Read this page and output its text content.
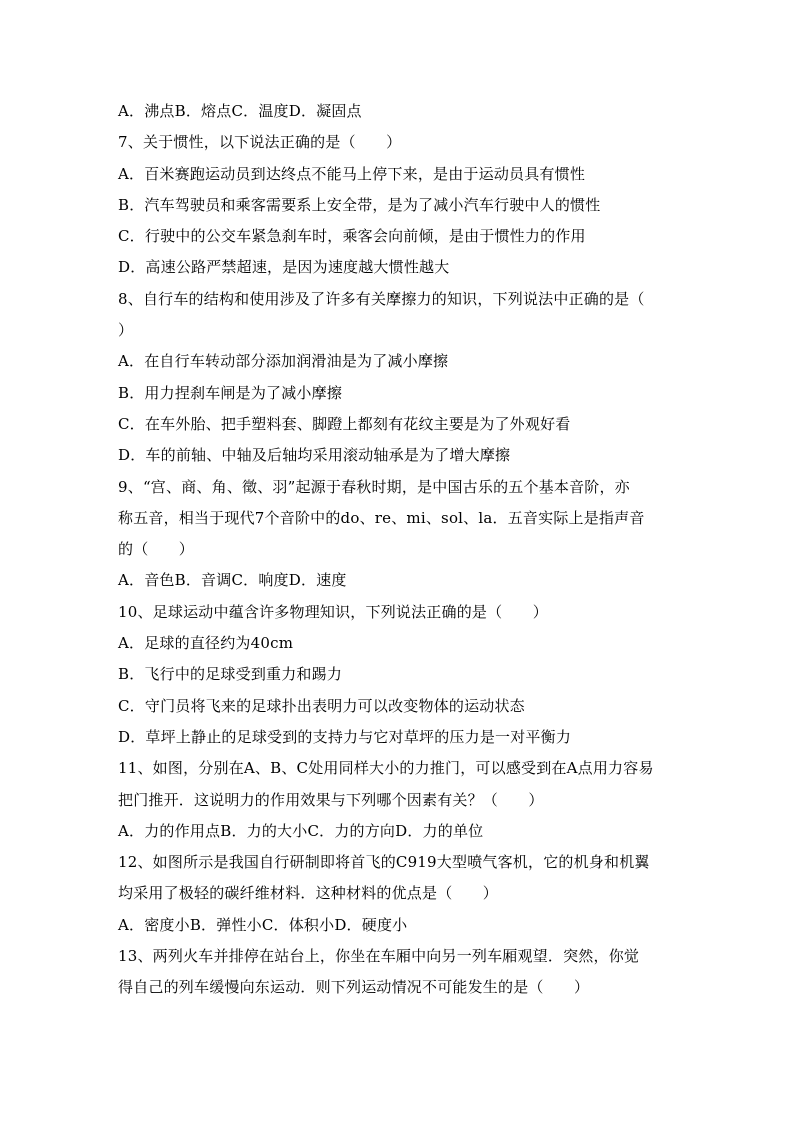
A．沸点B．熔点C．温度D．凝固点
7、关于惯性，以下说法正确的是（　　）
A．百米赛跑运动员到达终点不能马上停下来，是由于运动员具有惯性
B．汽车驾驶员和乘客需要系上安全带，是为了减小汽车行驶中人的惯性
C．行驶中的公交车紧急刹车时，乘客会向前倾，是由于惯性力的作用
D．高速公路严禁超速，是因为速度越大惯性越大
8、自行车的结构和使用涉及了许多有关摩擦力的知识，下列说法中正确的是（
）
A．在自行车转动部分添加润滑油是为了减小摩擦
B．用力捏刹车闸是为了减小摩擦
C．在车外胎、把手塑料套、脚蹬上都刻有花纹主要是为了外观好看
D．车的前轴、中轴及后轴均采用滚动轴承是为了增大摩擦
9、“宫、商、角、徵、羽”起源于春秋时期，是中国古乐的五个基本音阶，亦
称五音，相当于现代7个音阶中的do、re、mi、sol、la．五音实际上是指声音
的（　　）
A．音色B．音调C．响度D．速度
10、足球运动中蕴含许多物理知识，下列说法正确的是（　　）
A．足球的直径约为40cm
B．飞行中的足球受到重力和踢力
C．守门员将飞来的足球扑出表明力可以改变物体的运动状态
D．草坪上静止的足球受到的支持力与它对草坪的压力是一对平衡力
11、如图，分别在A、B、C处用同样大小的力推门，可以感受到在A点用力容易
把门推开．这说明力的作用效果与下列哪个因素有关？（　　）
A．力的作用点B．力的大小C．力的方向D．力的单位
12、如图所示是我国自行研制即将首飞的C919大型喷气客机，它的机身和机翼
均采用了极轻的碳纤维材料．这种材料的优点是（　　）
A．密度小B．弹性小C．体积小D．硬度小
13、两列火车并排停在站台上，你坐在车厢中向另一列车厢观望．突然，你觉
得自己的列车缓慢向东运动．则下列运动情况不可能发生的是（　　）
